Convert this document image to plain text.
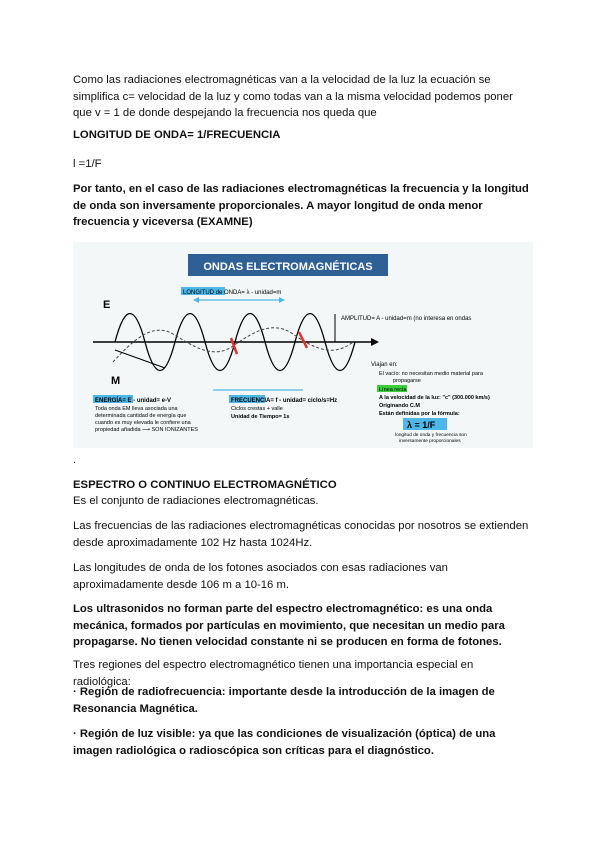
Como las radiaciones electromagnéticas van a la velocidad de la luz la ecuación se simplifica c= velocidad de la luz y como todas van a la misma velocidad podemos poner que v = 1 de donde despejando la frecuencia nos queda que

LONGITUD DE ONDA= 1/FRECUENCIA

l =1/F

Por tanto, en el caso de las radiaciones electromagnéticas la frecuencia y la longitud de onda son inversamente proporcionales. A mayor longitud de onda menor frecuencia y viceversa (EXAMNE)

ONDAS ELECTROMAGNÉTICAS
E
M
LONGITUD de ONDA= λ - unidad=m
AMPLITUD= A - unidad=m (no interesa en ondas
ENERGÍA= E - unidad= e-V
Toda onda EM lleva asociada una
determinada cantidad de energía que
cuando es muy elevada le confiere una
propiedad añadida ⟶ SON IONIZANTES
FRECUENCIA= f - unidad= ciclo/s=Hz
Ciclos crestas + valle
Unidad de Tiempo= 1s
Viajan en:
El vacío: no necesitan medio material para
propagarse
Línea recta
A la velocidad de la luz: "c" (300.000 km/s)
Originando C.M
Están definidas por la fórmula:
λ = 1/F
longitud de onda y frecuencia son
inversamente proporcionales

.

ESPECTRO O CONTINUO ELECTROMAGNÉTICO

Es el conjunto de radiaciones electromagnéticas.

Las frecuencias de las radiaciones electromagnéticas conocidas por nosotros se extienden desde aproximadamente 102 Hz hasta 1024Hz.

Las longitudes de onda de los fotones asociados con esas radiaciones van aproximadamente desde 106 m a 10-16 m.

Los ultrasonidos no forman parte del espectro electromagnético: es una onda mecánica, formados por partículas en movimiento, que necesitan un medio para propagarse. No tienen velocidad constante ni se producen en forma de fotones.

Tres regiones del espectro electromagnético tienen una importancia especial en radiológica:

· Región de radiofrecuencia: importante desde la introducción de la imagen de Resonancia Magnética.

· Región de luz visible: ya que las condiciones de visualización (óptica) de una imagen radiológica o radioscópica son críticas para el diagnóstico.
